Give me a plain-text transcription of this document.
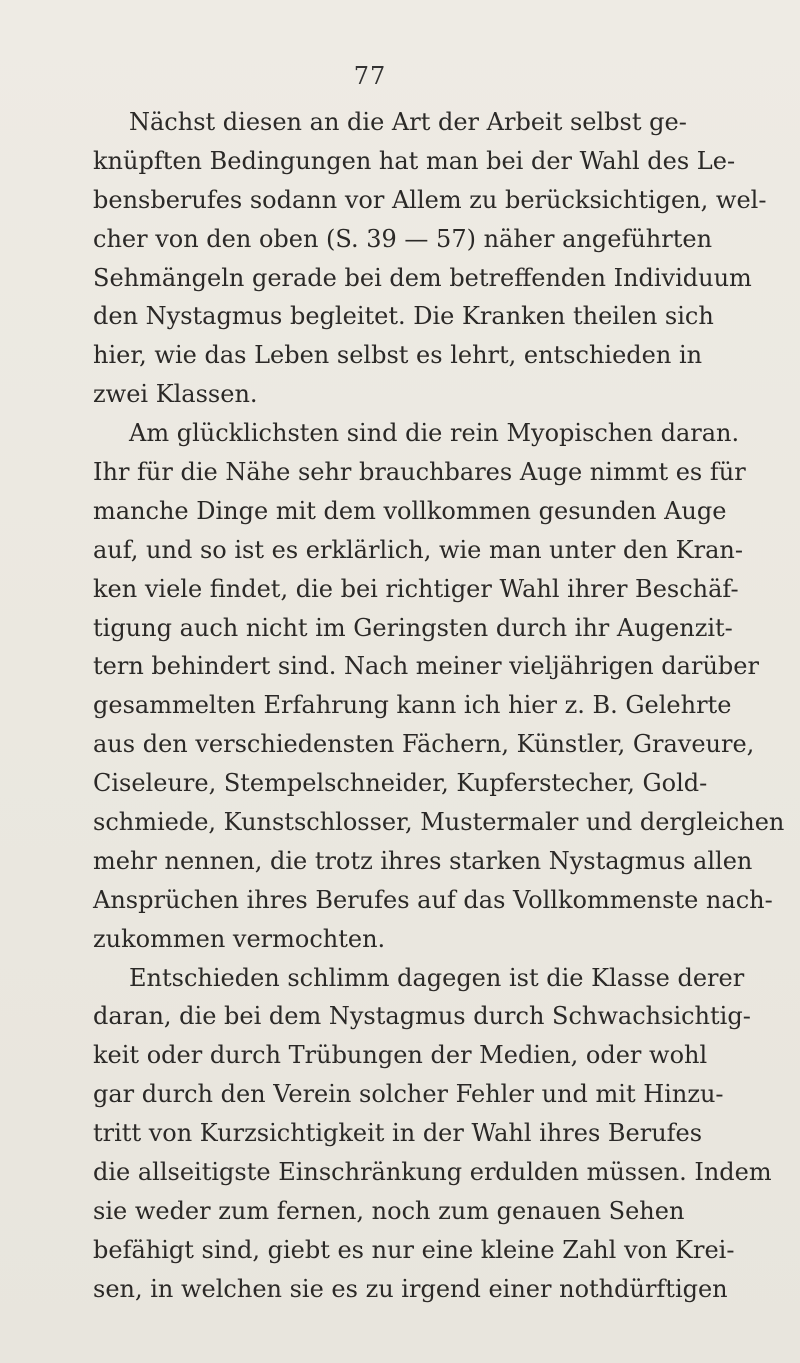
77
Nächst diesen an die Art der Arbeit selbst ge-
knüpften Bedingungen hat man bei der Wahl des Le-
bensberufes sodann vor Allem zu berücksichtigen, wel-
cher von den oben (S. 39 — 57) näher angeführten
Sehmängeln gerade bei dem betreffenden Individuum
den Nystagmus begleitet. Die Kranken theilen sich
hier, wie das Leben selbst es lehrt, entschieden in
zwei Klassen.
Am glücklichsten sind die rein Myopischen daran.
Ihr für die Nähe sehr brauchbares Auge nimmt es für
manche Dinge mit dem vollkommen gesunden Auge
auf, und so ist es erklärlich, wie man unter den Kran-
ken viele findet, die bei richtiger Wahl ihrer Beschäf-
tigung auch nicht im Geringsten durch ihr Augenzit-
tern behindert sind. Nach meiner vieljährigen darüber
gesammelten Erfahrung kann ich hier z. B. Gelehrte
aus den verschiedensten Fächern, Künstler, Graveure,
Ciseleure, Stempelschneider, Kupferstecher, Gold-
schmiede, Kunstschlosser, Mustermaler und dergleichen
mehr nennen, die trotz ihres starken Nystagmus allen
Ansprüchen ihres Berufes auf das Vollkommenste nach-
zukommen vermochten.
Entschieden schlimm dagegen ist die Klasse derer
daran, die bei dem Nystagmus durch Schwachsichtig-
keit oder durch Trübungen der Medien, oder wohl
gar durch den Verein solcher Fehler und mit Hinzu-
tritt von Kurzsichtigkeit in der Wahl ihres Berufes
die allseitigste Einschränkung erdulden müssen. Indem
sie weder zum fernen, noch zum genauen Sehen
befähigt sind, giebt es nur eine kleine Zahl von Krei-
sen, in welchen sie es zu irgend einer nothdürftigen
